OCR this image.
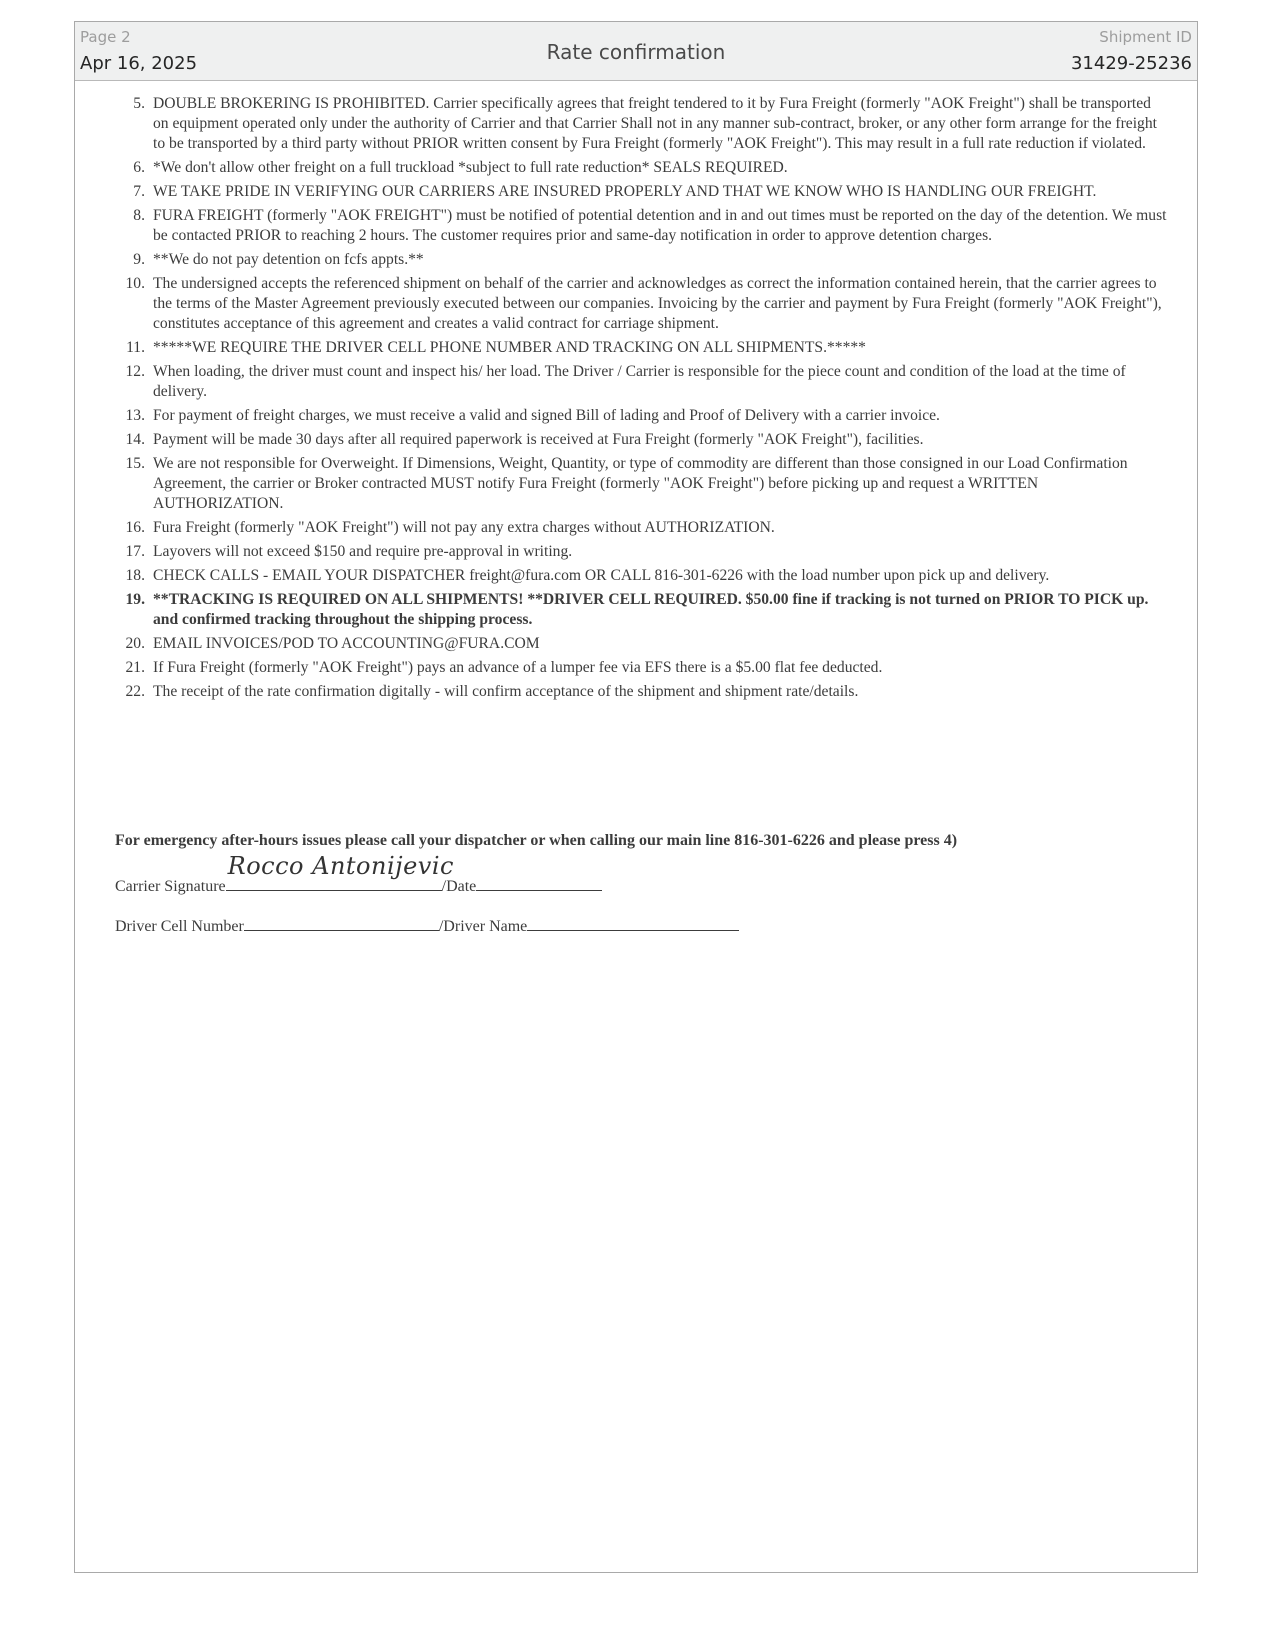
Page 2
Apr 16, 2025	Rate confirmation
Shipment ID
31429-25236
5. DOUBLE BROKERING IS PROHIBITED. Carrier specifically agrees that freight tendered to it by Fura Freight (formerly "AOK Freight") shall be transported on equipment operated only under the authority of Carrier and that Carrier Shall not in any manner sub-contract, broker, or any other form arrange for the freight to be transported by a third party without PRIOR written consent by Fura Freight (formerly "AOK Freight"). This may result in a full rate reduction if violated.
6. *We don't allow other freight on a full truckload *subject to full rate reduction* SEALS REQUIRED.
7. WE TAKE PRIDE IN VERIFYING OUR CARRIERS ARE INSURED PROPERLY AND THAT WE KNOW WHO IS HANDLING OUR FREIGHT.
8. FURA FREIGHT (formerly "AOK FREIGHT") must be notified of potential detention and in and out times must be reported on the day of the detention. We must be contacted PRIOR to reaching 2 hours. The customer requires prior and same-day notification in order to approve detention charges.
9. **We do not pay detention on fcfs appts.**
10. The undersigned accepts the referenced shipment on behalf of the carrier and acknowledges as correct the information contained herein, that the carrier agrees to the terms of the Master Agreement previously executed between our companies. Invoicing by the carrier and payment by Fura Freight (formerly "AOK Freight"), constitutes acceptance of this agreement and creates a valid contract for carriage shipment.
11. *****WE REQUIRE THE DRIVER CELL PHONE NUMBER AND TRACKING ON ALL SHIPMENTS.*****
12. When loading, the driver must count and inspect his/ her load. The Driver / Carrier is responsible for the piece count and condition of the load at the time of delivery.
13. For payment of freight charges, we must receive a valid and signed Bill of lading and Proof of Delivery with a carrier invoice.
14. Payment will be made 30 days after all required paperwork is received at Fura Freight (formerly "AOK Freight"), facilities.
15. We are not responsible for Overweight. If Dimensions, Weight, Quantity, or type of commodity are different than those consigned in our Load Confirmation Agreement, the carrier or Broker contracted MUST notify Fura Freight (formerly "AOK Freight") before picking up and request a WRITTEN AUTHORIZATION.
16. Fura Freight (formerly "AOK Freight") will not pay any extra charges without AUTHORIZATION.
17. Layovers will not exceed $150 and require pre-approval in writing.
18. CHECK CALLS - EMAIL YOUR DISPATCHER freight@fura.com OR CALL 816-301-6226 with the load number upon pick up and delivery.
19. **TRACKING IS REQUIRED ON ALL SHIPMENTS! **DRIVER CELL REQUIRED. $50.00 fine if tracking is not turned on PRIOR TO PICK up. and confirmed tracking throughout the shipping process.
20. EMAIL INVOICES/POD TO ACCOUNTING@FURA.COM
21. If Fura Freight (formerly "AOK Freight") pays an advance of a lumper fee via EFS there is a $5.00 flat fee deducted.
22. The receipt of the rate confirmation digitally - will confirm acceptance of the shipment and shipment rate/details.
For emergency after-hours issues please call your dispatcher or when calling our main line 816-301-6226 and please press 4)
Carrier Signature
Rocco Antonijevic
/Date
Driver Cell Number	/Driver Name
